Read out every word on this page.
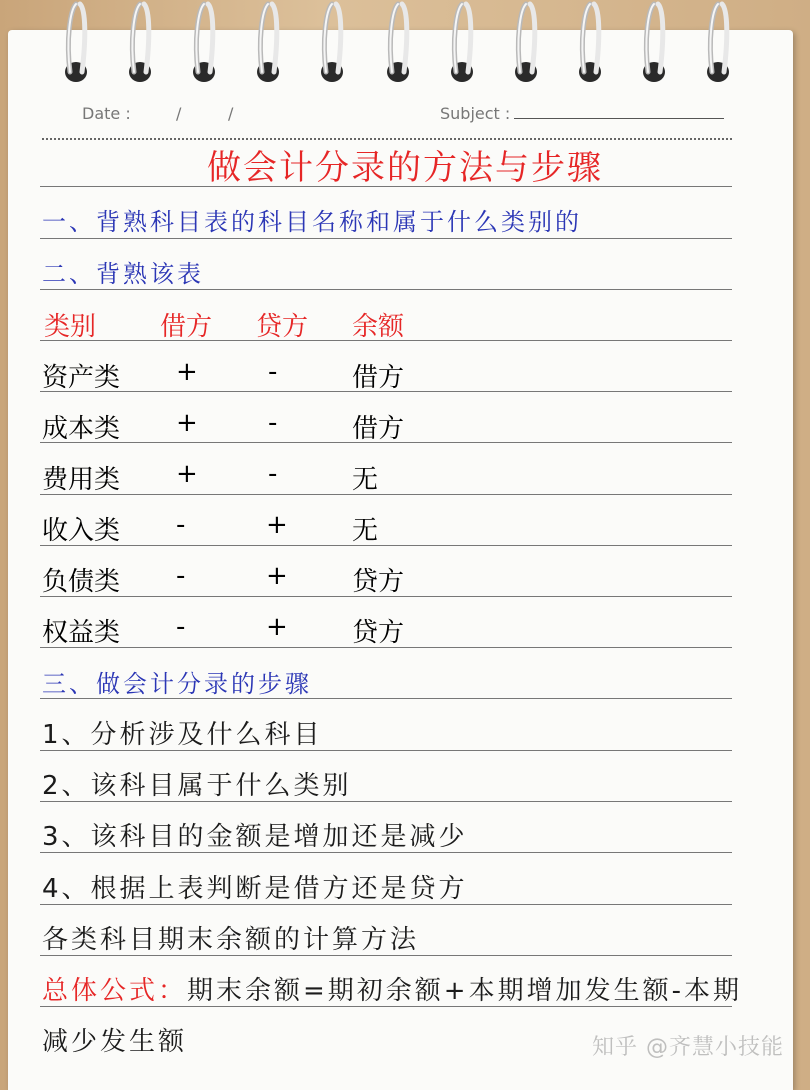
Date :	/	/	Subject :
做会计分录的方法与步骤
一、背熟科目表的科目名称和属于什么类别的
二、背熟该表
类别 借方 贷方 余额
资产类 +	-	借方
成本类 +	-	借方
费用类 +	-	无
收入类 -	+ 无
负债类 -	+ 贷方
权益类 -	+ 贷方
三、做会计分录的步骤
1、分析涉及什么科目
2、该科目属于什么类别
3、该科目的金额是增加还是减少
4、根据上表判断是借方还是贷方
各类科目期末余额的计算方法
总体公式：期末余额=期初余额+本期增加发生额-本期
减少发生额	知乎 @齐慧小技能
